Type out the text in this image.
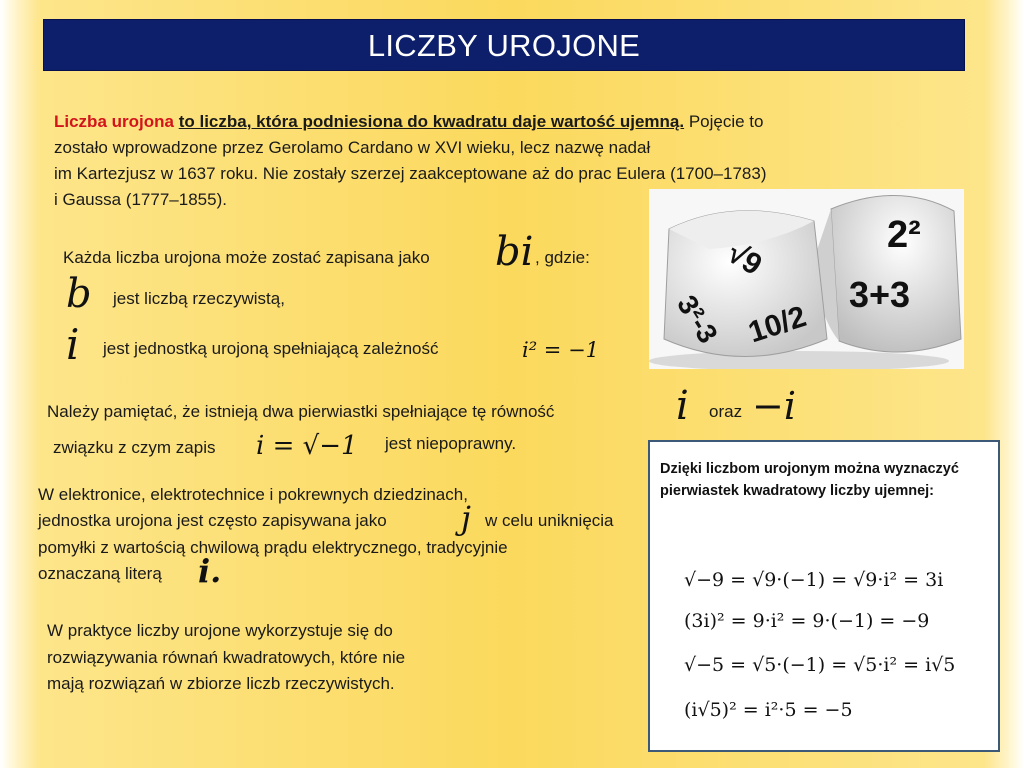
LICZBY UROJONE
Liczba urojona to liczba, która podniesiona do kwadratu daje wartość ujemną. Pojęcie to
zostało wprowadzone przez Gerolamo Cardano w XVI wieku, lecz nazwę nadał
im Kartezjusz w 1637 roku. Nie zostały szerzej zaakceptowane aż do prac Eulera (1700–1783)
i Gaussa (1777–1855).
Każda liczba urojona może zostać zapisana jako bi , gdzie:
b jest liczbą rzeczywistą,
i jest jednostką urojoną spełniającą zależność	i² = −1
Należy pamiętać, że istnieją dwa pierwiastki spełniające tę równość	i oraz −i
związku z czym zapis i = √−1 jest niepoprawny.
W elektronice, elektrotechnice i pokrewnych dziedzinach,
jednostka urojona jest często zapisywana jako j w celu uniknięcia
pomyłki z wartością chwilową prądu elektrycznego, tradycyjnie
oznaczaną literą i.
W praktyce liczby urojone wykorzystuje się do
rozwiązywania równań kwadratowych, które nie
mają rozwiązań w zbiorze liczb rzeczywistych.
2²
3+3
√9
10/2
3²-3
Dzięki liczbom urojonym można wyznaczyć pierwiastek kwadratowy liczby ujemnej:
√−9 = √9·(−1) = √9·i² = 3i
(3i)² = 9·i² = 9·(−1) = −9
√−5 = √5·(−1) = √5·i² = i√5
(i√5)² = i²·5 = −5
